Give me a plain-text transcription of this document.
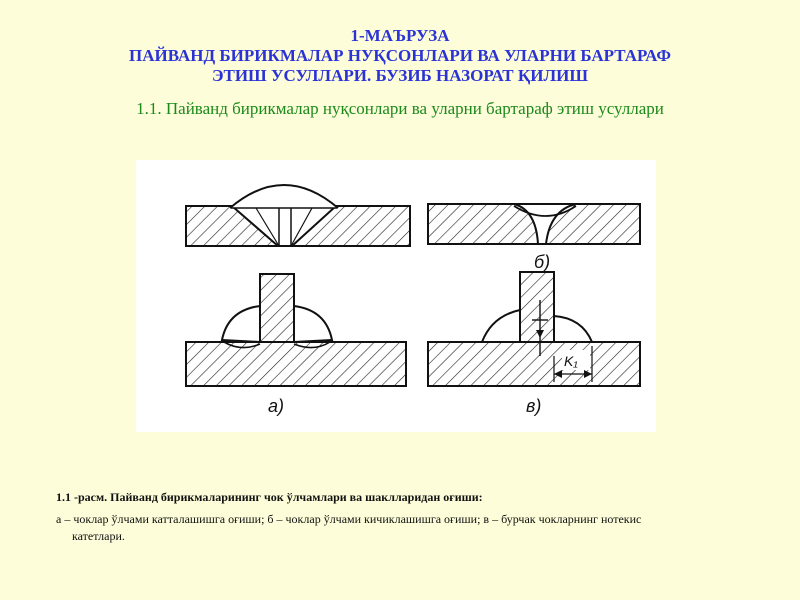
1-МАЪРУЗА
ПАЙВАНД БИРИКМАЛАР НУҚСОНЛАРИ ВА УЛАРНИ БАРТАРАФ
ЭТИШ УСУЛЛАРИ. БУЗИБ НАЗОРАТ ҚИЛИШ
1.1. Пайванд бирикмалар нуқсонлари ва уларни бартараф этиш усуллари
б)
а)
K₁
в)
1.1 -расм. Пайванд бирикмаларининг чок ўлчамлари ва шаклларидан оғиши:
а – чоклар ўлчами катталашишга оғиши; б – чоклар ўлчами кичиклашишга оғиши; в – бурчак чокларнинг нотекис
катетлари.
